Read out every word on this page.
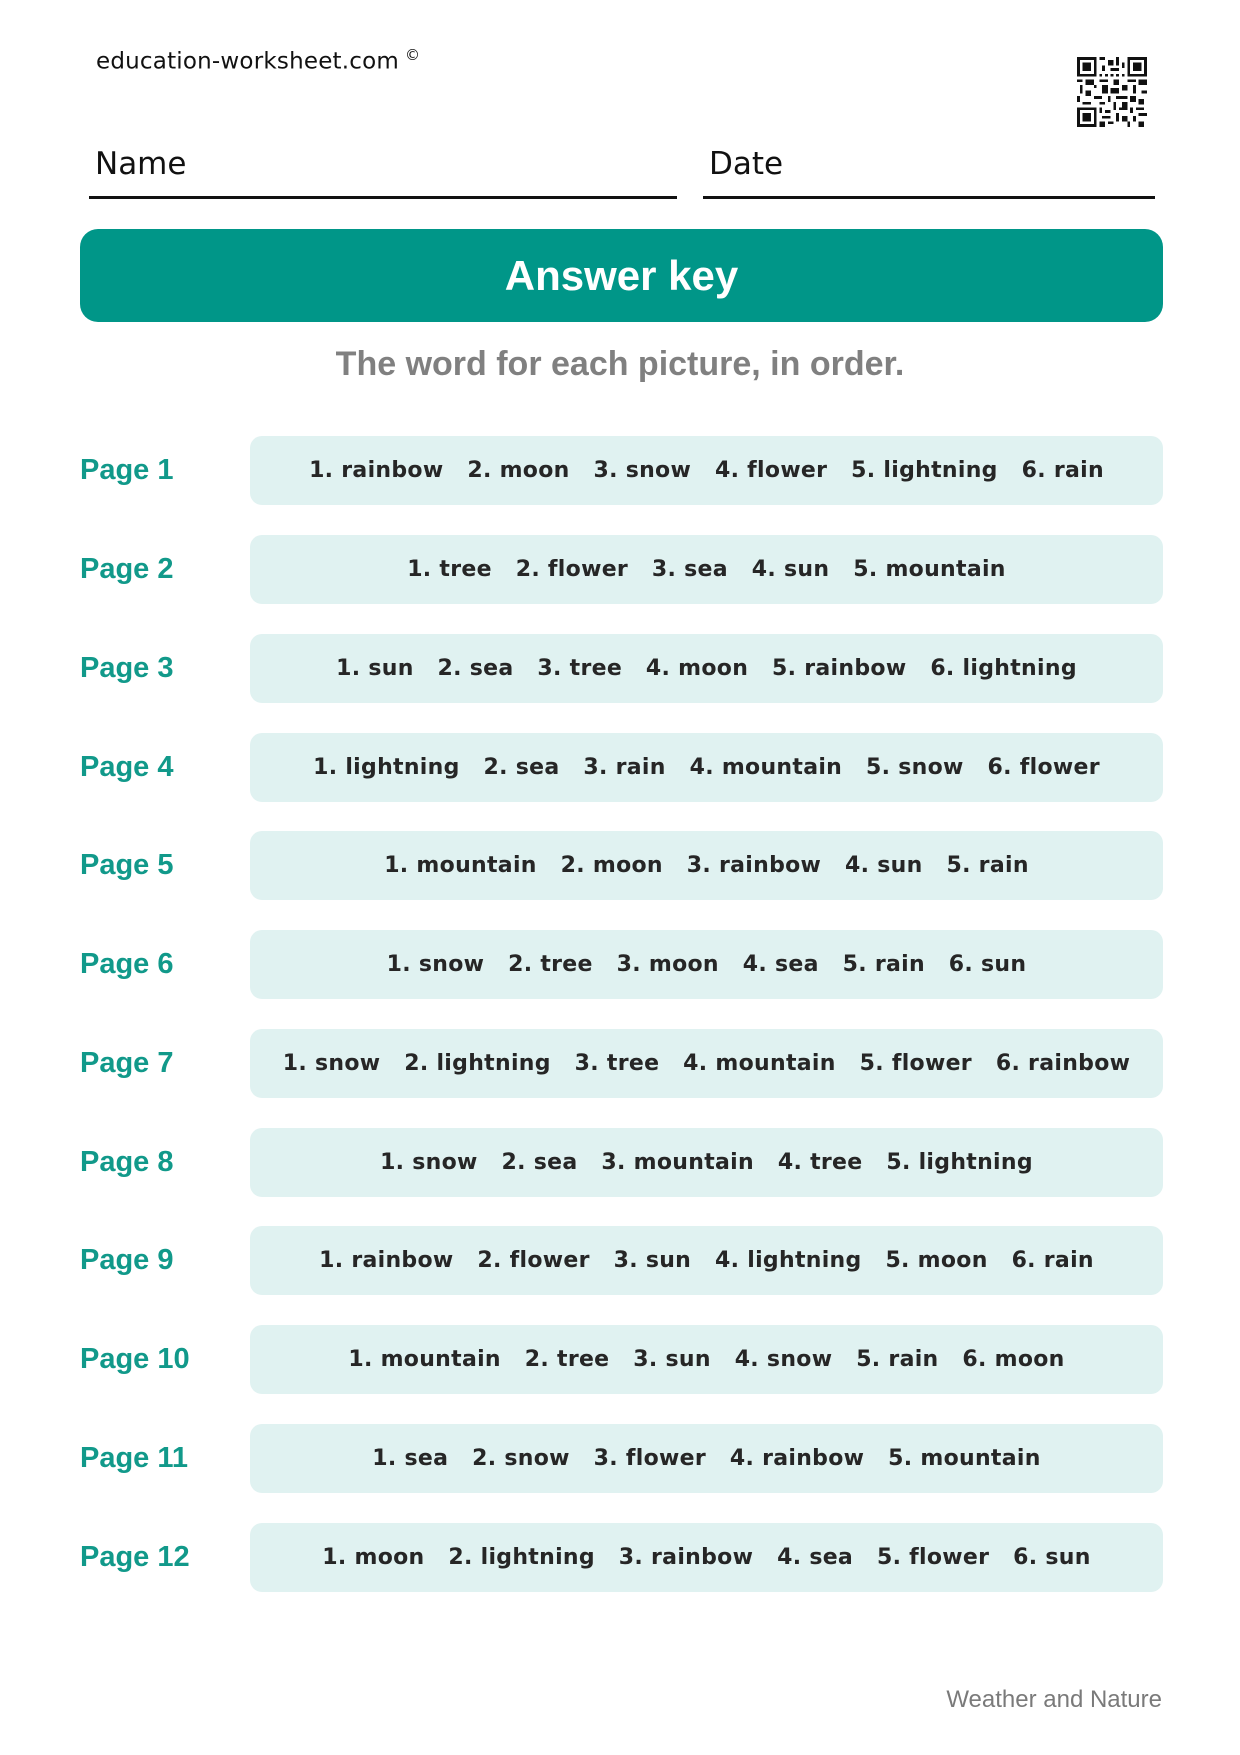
education-worksheet.com ©
Name	Date
Answer key
The word for each picture, in order.
Page 1	1. rainbow   2. moon   3. snow   4. flower   5. lightning   6. rain
Page 2	1. tree   2. flower   3. sea   4. sun   5. mountain
Page 3	1. sun   2. sea   3. tree   4. moon   5. rainbow   6. lightning
Page 4	1. lightning   2. sea   3. rain   4. mountain   5. snow   6. flower
Page 5	1. mountain   2. moon   3. rainbow   4. sun   5. rain
Page 6	1. snow   2. tree   3. moon   4. sea   5. rain   6. sun
Page 7	1. snow   2. lightning   3. tree   4. mountain   5. flower   6. rainbow
Page 8	1. snow   2. sea   3. mountain   4. tree   5. lightning
Page 9	1. rainbow   2. flower   3. sun   4. lightning   5. moon   6. rain
Page 10	1. mountain   2. tree   3. sun   4. snow   5. rain   6. moon
Page 11	1. sea   2. snow   3. flower   4. rainbow   5. mountain
Page 12	1. moon   2. lightning   3. rainbow   4. sea   5. flower   6. sun
Weather and Nature
